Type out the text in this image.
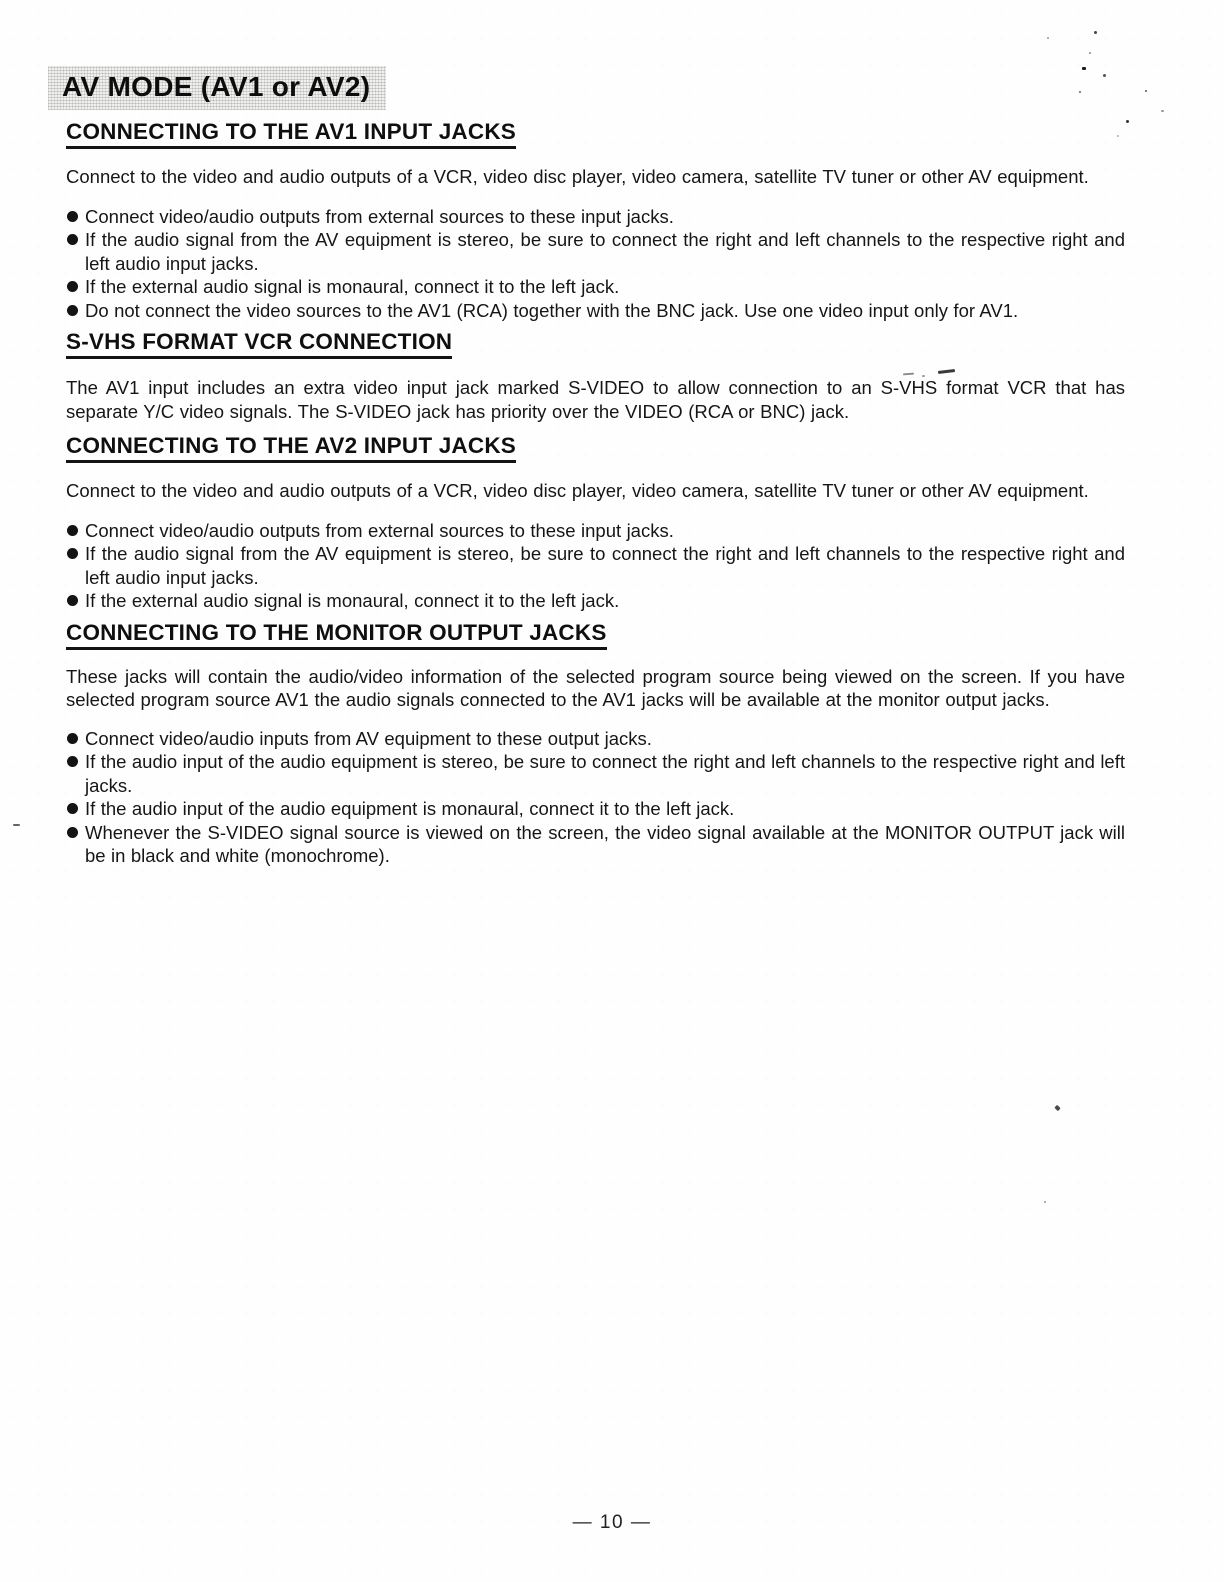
AV MODE (AV1 or AV2)
CONNECTING TO THE AV1 INPUT JACKS

Connect to the video and audio outputs of a VCR, video disc player, video camera, satellite TV tuner or other AV equipment.

Connect video/audio outputs from external sources to these input jacks.
If the audio signal from the AV equipment is stereo, be sure to connect the right and left channels to the respective right and left audio input jacks.
If the external audio signal is monaural, connect it to the left jack.
Do not connect the video sources to the AV1 (RCA) together with the BNC jack. Use one video input only for AV1.
S-VHS FORMAT VCR CONNECTION

The AV1 input includes an extra video input jack marked S-VIDEO to allow connection to an S-VHS format VCR that has separate Y/C video signals. The S-VIDEO jack has priority over the VIDEO (RCA or BNC) jack.

CONNECTING TO THE AV2 INPUT JACKS

Connect to the video and audio outputs of a VCR, video disc player, video camera, satellite TV tuner or other AV equipment.

Connect video/audio outputs from external sources to these input jacks.
If the audio signal from the AV equipment is stereo, be sure to connect the right and left channels to the respective right and left audio input jacks.
If the external audio signal is monaural, connect it to the left jack.
CONNECTING TO THE MONITOR OUTPUT JACKS

These jacks will contain the audio/video information of the selected program source being viewed on the screen. If you have selected program source AV1 the audio signals connected to the AV1 jacks will be available at the monitor output jacks.

Connect video/audio inputs from AV equipment to these output jacks.
If the audio input of the audio equipment is stereo, be sure to connect the right and left channels to the respective right and left jacks.
If the audio input of the audio equipment is monaural, connect it to the left jack.
Whenever the S-VIDEO signal source is viewed on the screen, the video signal available at the MONITOR OUTPUT jack will be in black and white (monochrome).
— 10 —
